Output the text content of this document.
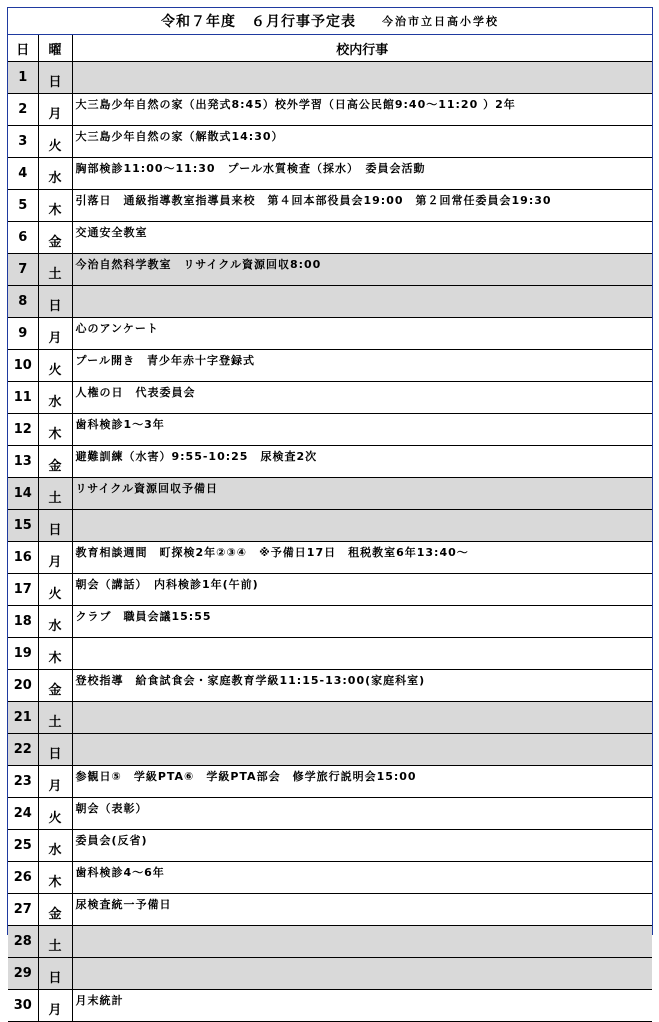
令和７年度　６月行事予定表 今治市立日高小学校
日	曜	校内行事
1	日	
2	月	大三島少年自然の家（出発式8:45）校外学習（日高公民館9:40～11:20 ）2年
3	火	大三島少年自然の家（解散式14:30）
4	水	胸部検診11:00～11:30　プール水質検査（採水）　委員会活動
5	木	引落日　通級指導教室指導員来校　第４回本部役員会19:00　第２回常任委員会19:30
6	金	交通安全教室
7	土	今治自然科学教室　リサイクル資源回収8:00
8	日	
9	月	心のアンケート
10	火	プール開き　青少年赤十字登録式
11	水	人権の日　代表委員会
12	木	歯科検診1～3年
13	金	避難訓練（水害）9:55-10:25　尿検査2次
14	土	リサイクル資源回収予備日
15	日	
16	月	教育相談週間　町探検2年②③④　※予備日17日　租税教室6年13:40～
17	火	朝会（講話）　内科検診1年(午前)
18	水	クラブ　職員会議15:55
19	木	
20	金	登校指導　給食試食会・家庭教育学級11:15-13:00(家庭科室)
21	土	
22	日	
23	月	参観日⑤　学級PTA⑥　学級PTA部会　修学旅行説明会15:00
24	火	朝会（表彰）
25	水	委員会(反省)
26	木	歯科検診4～6年
27	金	尿検査統一予備日
28	土	
29	日	
30	月	月末統計
